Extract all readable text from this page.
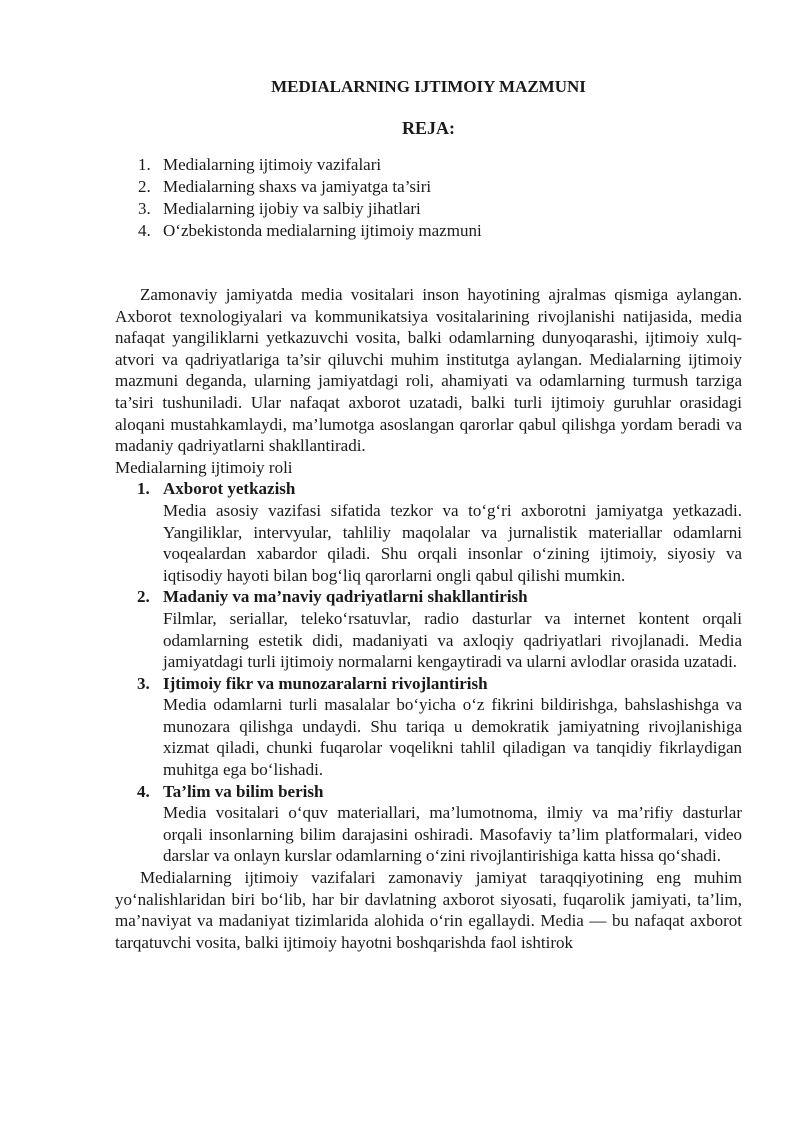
MEDIALARNING IJTIMOIY MAZMUNI

REJA:

1. Medialarning ijtimoiy vazifalari
2. Medialarning shaxs va jamiyatga ta’siri
3. Medialarning ijobiy va salbiy jihatlari
4. O‘zbekistonda medialarning ijtimoiy mazmuni

Zamonaviy jamiyatda media vositalari inson hayotining ajralmas qismiga aylangan. Axborot texnologiyalari va kommunikatsiya vositalarining rivojlanishi natijasida, media nafaqat yangiliklarni yetkazuvchi vosita, balki odamlarning dunyoqarashi, ijtimoiy xulq-atvori va qadriyatlariga ta’sir qiluvchi muhim institutga aylangan. Medialarning ijtimoiy mazmuni deganda, ularning jamiyatdagi roli, ahamiyati va odamlarning turmush tarziga ta’siri tushuniladi. Ular nafaqat axborot uzatadi, balki turli ijtimoiy guruhlar orasidagi aloqani mustahkamlaydi, ma’lumotga asoslangan qarorlar qabul qilishga yordam beradi va madaniy qadriyatlarni shakllantiradi.

Medialarning ijtimoiy roli

1. Axborot yetkazish

Media asosiy vazifasi sifatida tezkor va to‘g‘ri axborotni jamiyatga yetkazadi. Yangiliklar, intervyular, tahliliy maqolalar va jurnalistik materiallar odamlarni voqealardan xabardor qiladi. Shu orqali insonlar o‘zining ijtimoiy, siyosiy va iqtisodiy hayoti bilan bog‘liq qarorlarni ongli qabul qilishi mumkin.

2. Madaniy va ma’naviy qadriyatlarni shakllantirish

Filmlar, seriallar, teleko‘rsatuvlar, radio dasturlar va internet kontent orqali odamlarning estetik didi, madaniyati va axloqiy qadriyatlari rivojlanadi. Media jamiyatdagi turli ijtimoiy normalarni kengaytiradi va ularni avlodlar orasida uzatadi.

3. Ijtimoiy fikr va munozaralarni rivojlantirish

Media odamlarni turli masalalar bo‘yicha o‘z fikrini bildirishga, bahslashishga va munozara qilishga undaydi. Shu tariqa u demokratik jamiyatning rivojlanishiga xizmat qiladi, chunki fuqarolar voqelikni tahlil qiladigan va tanqidiy fikrlaydigan muhitga ega bo‘lishadi.

4. Ta’lim va bilim berish

Media vositalari o‘quv materiallari, ma’lumotnoma, ilmiy va ma’rifiy dasturlar orqali insonlarning bilim darajasini oshiradi. Masofaviy ta’lim platformalari, video darslar va onlayn kurslar odamlarning o‘zini rivojlantirishiga katta hissa qo‘shadi.

Medialarning ijtimoiy vazifalari zamonaviy jamiyat taraqqiyotining eng muhim yo‘nalishlaridan biri bo‘lib, har bir davlatning axborot siyosati, fuqarolik jamiyati, ta’lim, ma’naviyat va madaniyat tizimlarida alohida o‘rin egallaydi. Media — bu nafaqat axborot tarqatuvchi vosita, balki ijtimoiy hayotni boshqarishda faol ishtirok
